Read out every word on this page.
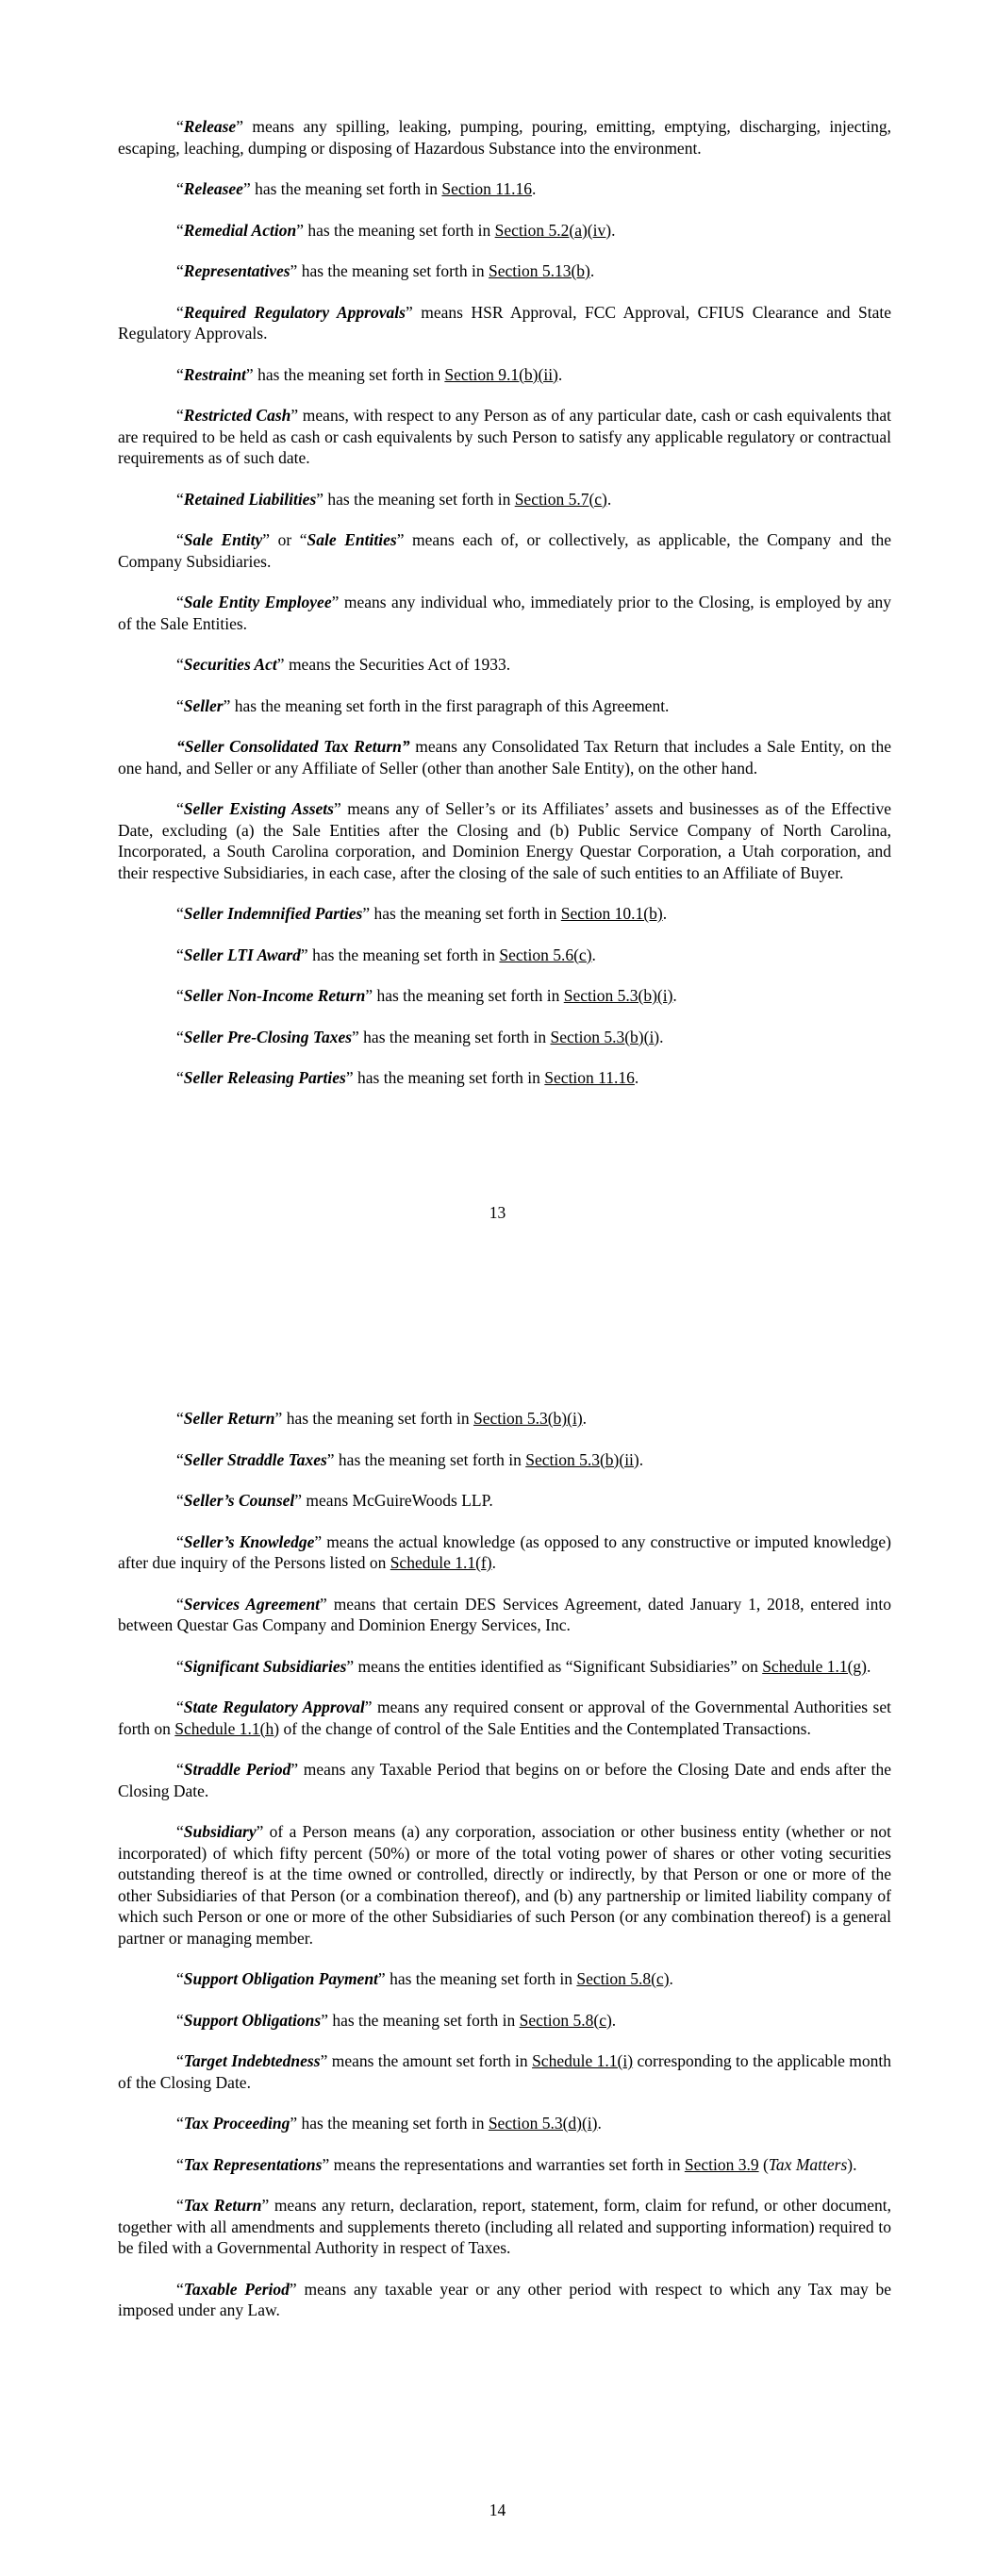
“Release” means any spilling, leaking, pumping, pouring, emitting, emptying, discharging, injecting, escaping, leaching, dumping or disposing of Hazardous Substance into the environment.

“Releasee” has the meaning set forth in Section 11.16.

“Remedial Action” has the meaning set forth in Section 5.2(a)(iv).

“Representatives” has the meaning set forth in Section 5.13(b).

“Required Regulatory Approvals” means HSR Approval, FCC Approval, CFIUS Clearance and State Regulatory Approvals.

“Restraint” has the meaning set forth in Section 9.1(b)(ii).

“Restricted Cash” means, with respect to any Person as of any particular date, cash or cash equivalents that are required to be held as cash or cash equivalents by such Person to satisfy any applicable regulatory or contractual requirements as of such date.

“Retained Liabilities” has the meaning set forth in Section 5.7(c).

“Sale Entity” or “Sale Entities” means each of, or collectively, as applicable, the Company and the Company Subsidiaries.

“Sale Entity Employee” means any individual who, immediately prior to the Closing, is employed by any of the Sale Entities.

“Securities Act” means the Securities Act of 1933.

“Seller” has the meaning set forth in the first paragraph of this Agreement.

“Seller Consolidated Tax Return” means any Consolidated Tax Return that includes a Sale Entity, on the one hand, and Seller or any Affiliate of Seller (other than another Sale Entity), on the other hand.

“Seller Existing Assets” means any of Seller’s or its Affiliates’ assets and businesses as of the Effective Date, excluding (a) the Sale Entities after the Closing and (b) Public Service Company of North Carolina, Incorporated, a South Carolina corporation, and Dominion Energy Questar Corporation, a Utah corporation, and their respective Subsidiaries, in each case, after the closing of the sale of such entities to an Affiliate of Buyer.

“Seller Indemnified Parties” has the meaning set forth in Section 10.1(b).

“Seller LTI Award” has the meaning set forth in Section 5.6(c).

“Seller Non-Income Return” has the meaning set forth in Section 5.3(b)(i).

“Seller Pre-Closing Taxes” has the meaning set forth in Section 5.3(b)(i).

“Seller Releasing Parties” has the meaning set forth in Section 11.16.

13

“Seller Return” has the meaning set forth in Section 5.3(b)(i).

“Seller Straddle Taxes” has the meaning set forth in Section 5.3(b)(ii).

“Seller’s Counsel” means McGuireWoods LLP.

“Seller’s Knowledge” means the actual knowledge (as opposed to any constructive or imputed knowledge) after due inquiry of the Persons listed on Schedule 1.1(f).

“Services Agreement” means that certain DES Services Agreement, dated January 1, 2018, entered into between Questar Gas Company and Dominion Energy Services, Inc.

“Significant Subsidiaries” means the entities identified as “Significant Subsidiaries” on Schedule 1.1(g).

“State Regulatory Approval” means any required consent or approval of the Governmental Authorities set forth on Schedule 1.1(h) of the change of control of the Sale Entities and the Contemplated Transactions.

“Straddle Period” means any Taxable Period that begins on or before the Closing Date and ends after the Closing Date.

“Subsidiary” of a Person means (a) any corporation, association or other business entity (whether or not incorporated) of which fifty percent (50%) or more of the total voting power of shares or other voting securities outstanding thereof is at the time owned or controlled, directly or indirectly, by that Person or one or more of the other Subsidiaries of that Person (or a combination thereof), and (b) any partnership or limited liability company of which such Person or one or more of the other Subsidiaries of such Person (or any combination thereof) is a general partner or managing member.

“Support Obligation Payment” has the meaning set forth in Section 5.8(c).

“Support Obligations” has the meaning set forth in Section 5.8(c).

“Target Indebtedness” means the amount set forth in Schedule 1.1(i) corresponding to the applicable month of the Closing Date.

“Tax Proceeding” has the meaning set forth in Section 5.3(d)(i).

“Tax Representations” means the representations and warranties set forth in Section 3.9 (Tax Matters).

“Tax Return” means any return, declaration, report, statement, form, claim for refund, or other document, together with all amendments and supplements thereto (including all related and supporting information) required to be filed with a Governmental Authority in respect of Taxes.

“Taxable Period” means any taxable year or any other period with respect to which any Tax may be imposed under any Law.

14
